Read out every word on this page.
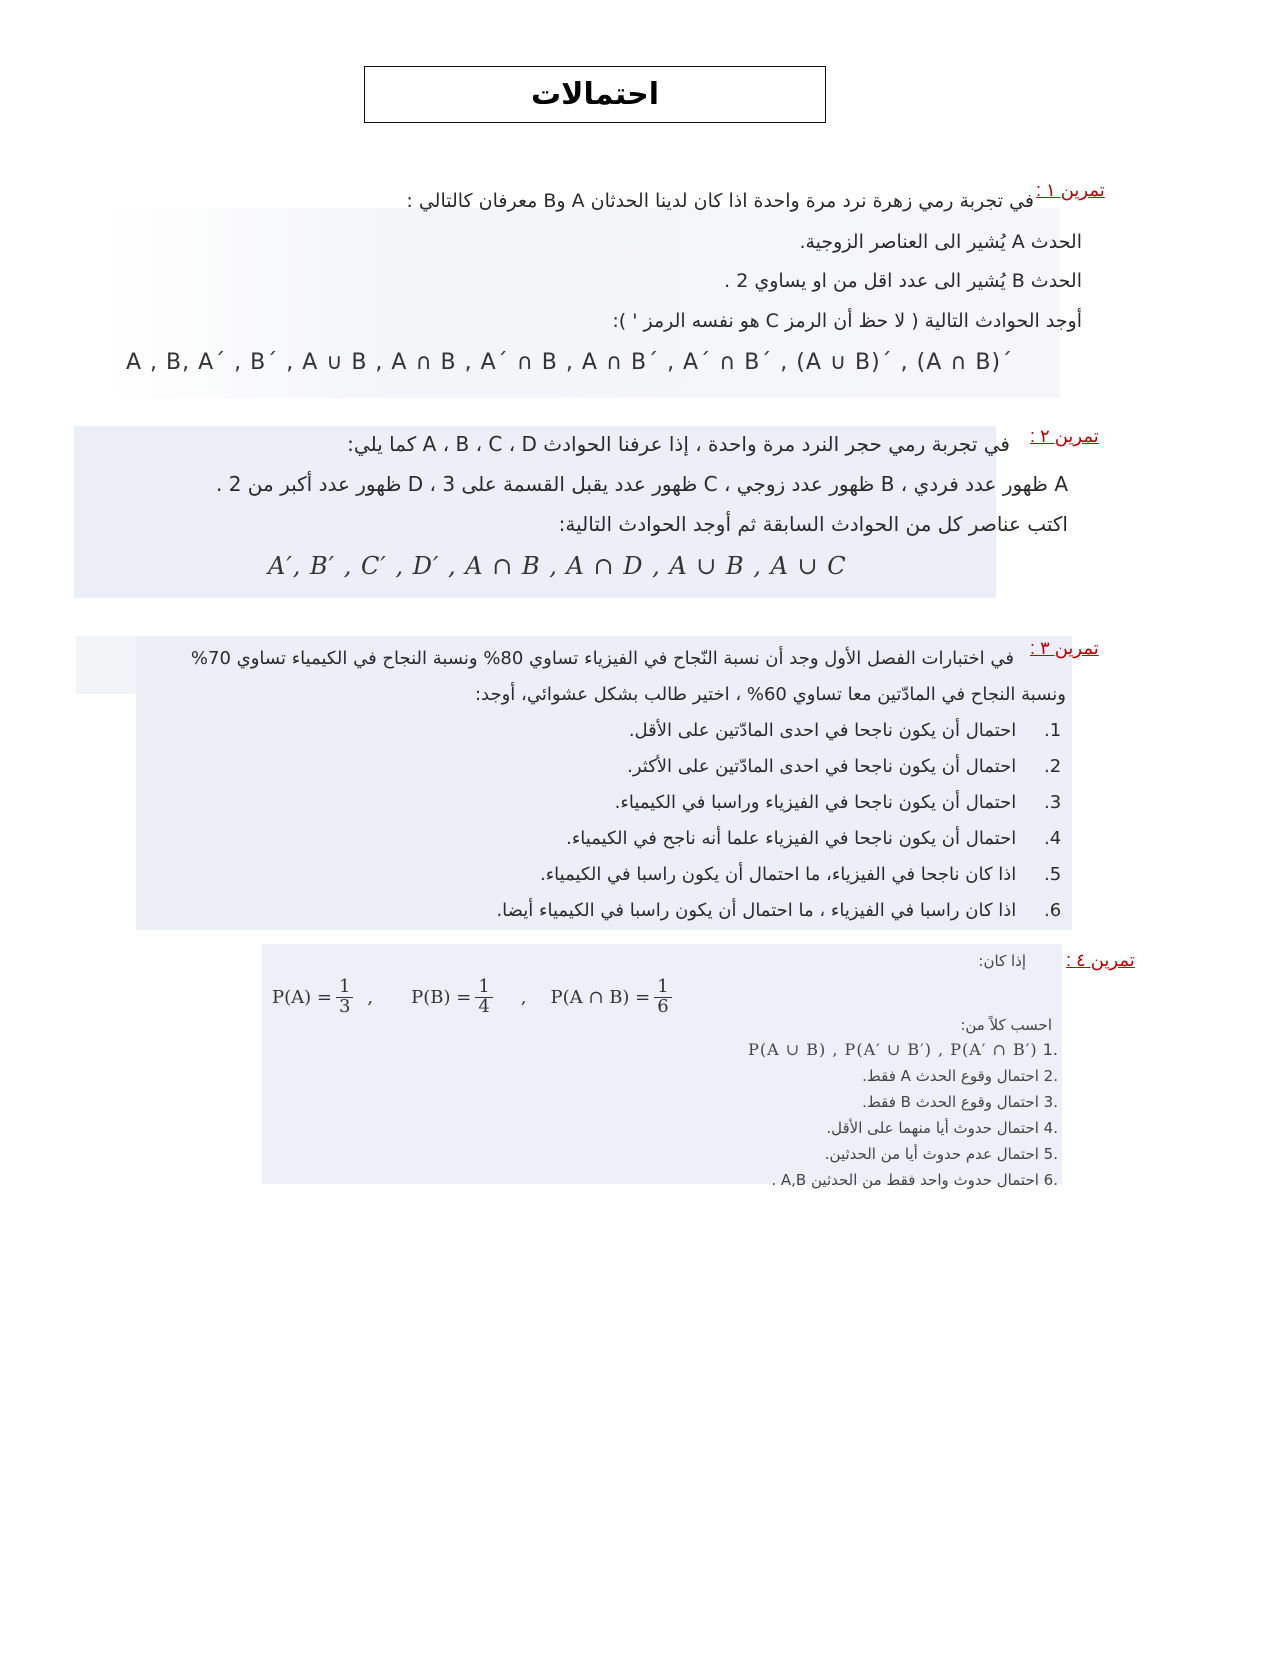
احتمالات
تمرين ١ :
في تجربة رمي زهرة نرد مرة واحدة اذا كان لدينا الحدثان A وB معرفان كالتالي :
الحدث A يُشير الى العناصر الزوجية.
الحدث B يُشير الى عدد اقل من او يساوي 2 .
أوجد الحوادث التالية ( لا حظ أن الرمز C هو نفسه الرمز ' ):
A , B, A΄ , B΄ , A ∪ B , A ∩ B , A΄ ∩ B , A ∩ B΄ , A΄ ∩ B΄ , (A ∪ B)΄ , (A ∩ B)΄
تمرين ٢ :
في تجربة رمي حجر النرد مرة واحدة ، إذا عرفنا الحوادث A ، B ، C ، D كما يلي:
A ظهور عدد فردي ، B ظهور عدد زوجي ، C ظهور عدد يقبل القسمة على 3 ، D ظهور عدد أكبر من 2 .
اكتب عناصر كل من الحوادث السابقة ثم أوجد الحوادث التالية:
A′, B′ , C′ , D′ , A ∩ B , A ∩ D , A ∪ B , A ∪ C
تمرين ٣ :
في اختبارات الفصل الأول وجد أن نسبة النّجاح في الفيزياء تساوي 80% ونسبة النجاح في الكيمياء تساوي 70%
ونسبة النجاح في المادّتين معا تساوي 60% ، اختير طالب بشكل عشوائي، أوجد:
1. احتمال أن يكون ناجحا في احدى المادّتين على الأقل.
2. احتمال أن يكون ناجحا في احدى المادّتين على الأكثر.
3. احتمال أن يكون ناجحا في الفيزياء وراسبا في الكيمياء.
4. احتمال أن يكون ناجحا في الفيزياء علما أنه ناجح في الكيمياء.
5. اذا كان ناجحا في الفيزياء، ما احتمال أن يكون راسبا في الكيمياء.
6. اذا كان راسبا في الفيزياء ، ما احتمال أن يكون راسبا في الكيمياء أيضا.
تمرين ٤ :
إذا كان:
$P(A) = \frac{1}{3}$ , $P(B) = \frac{1}{4}$ , P(A ∩ $B) = \frac{1}{6}$
احسب كلاً من:
.1 P(A ∪ B) , P(A′ ∪ B′) , P(A′ ∩ B′)
.2 احتمال وقوع الحدث A فقط.
.3 احتمال وقوع الحدث B فقط.
.4 احتمال حدوث أيا منهما على الأقل.
.5 احتمال عدم حدوث أيا من الحدثين.
.6 احتمال حدوث واحد فقط من الحدثين A,B .
